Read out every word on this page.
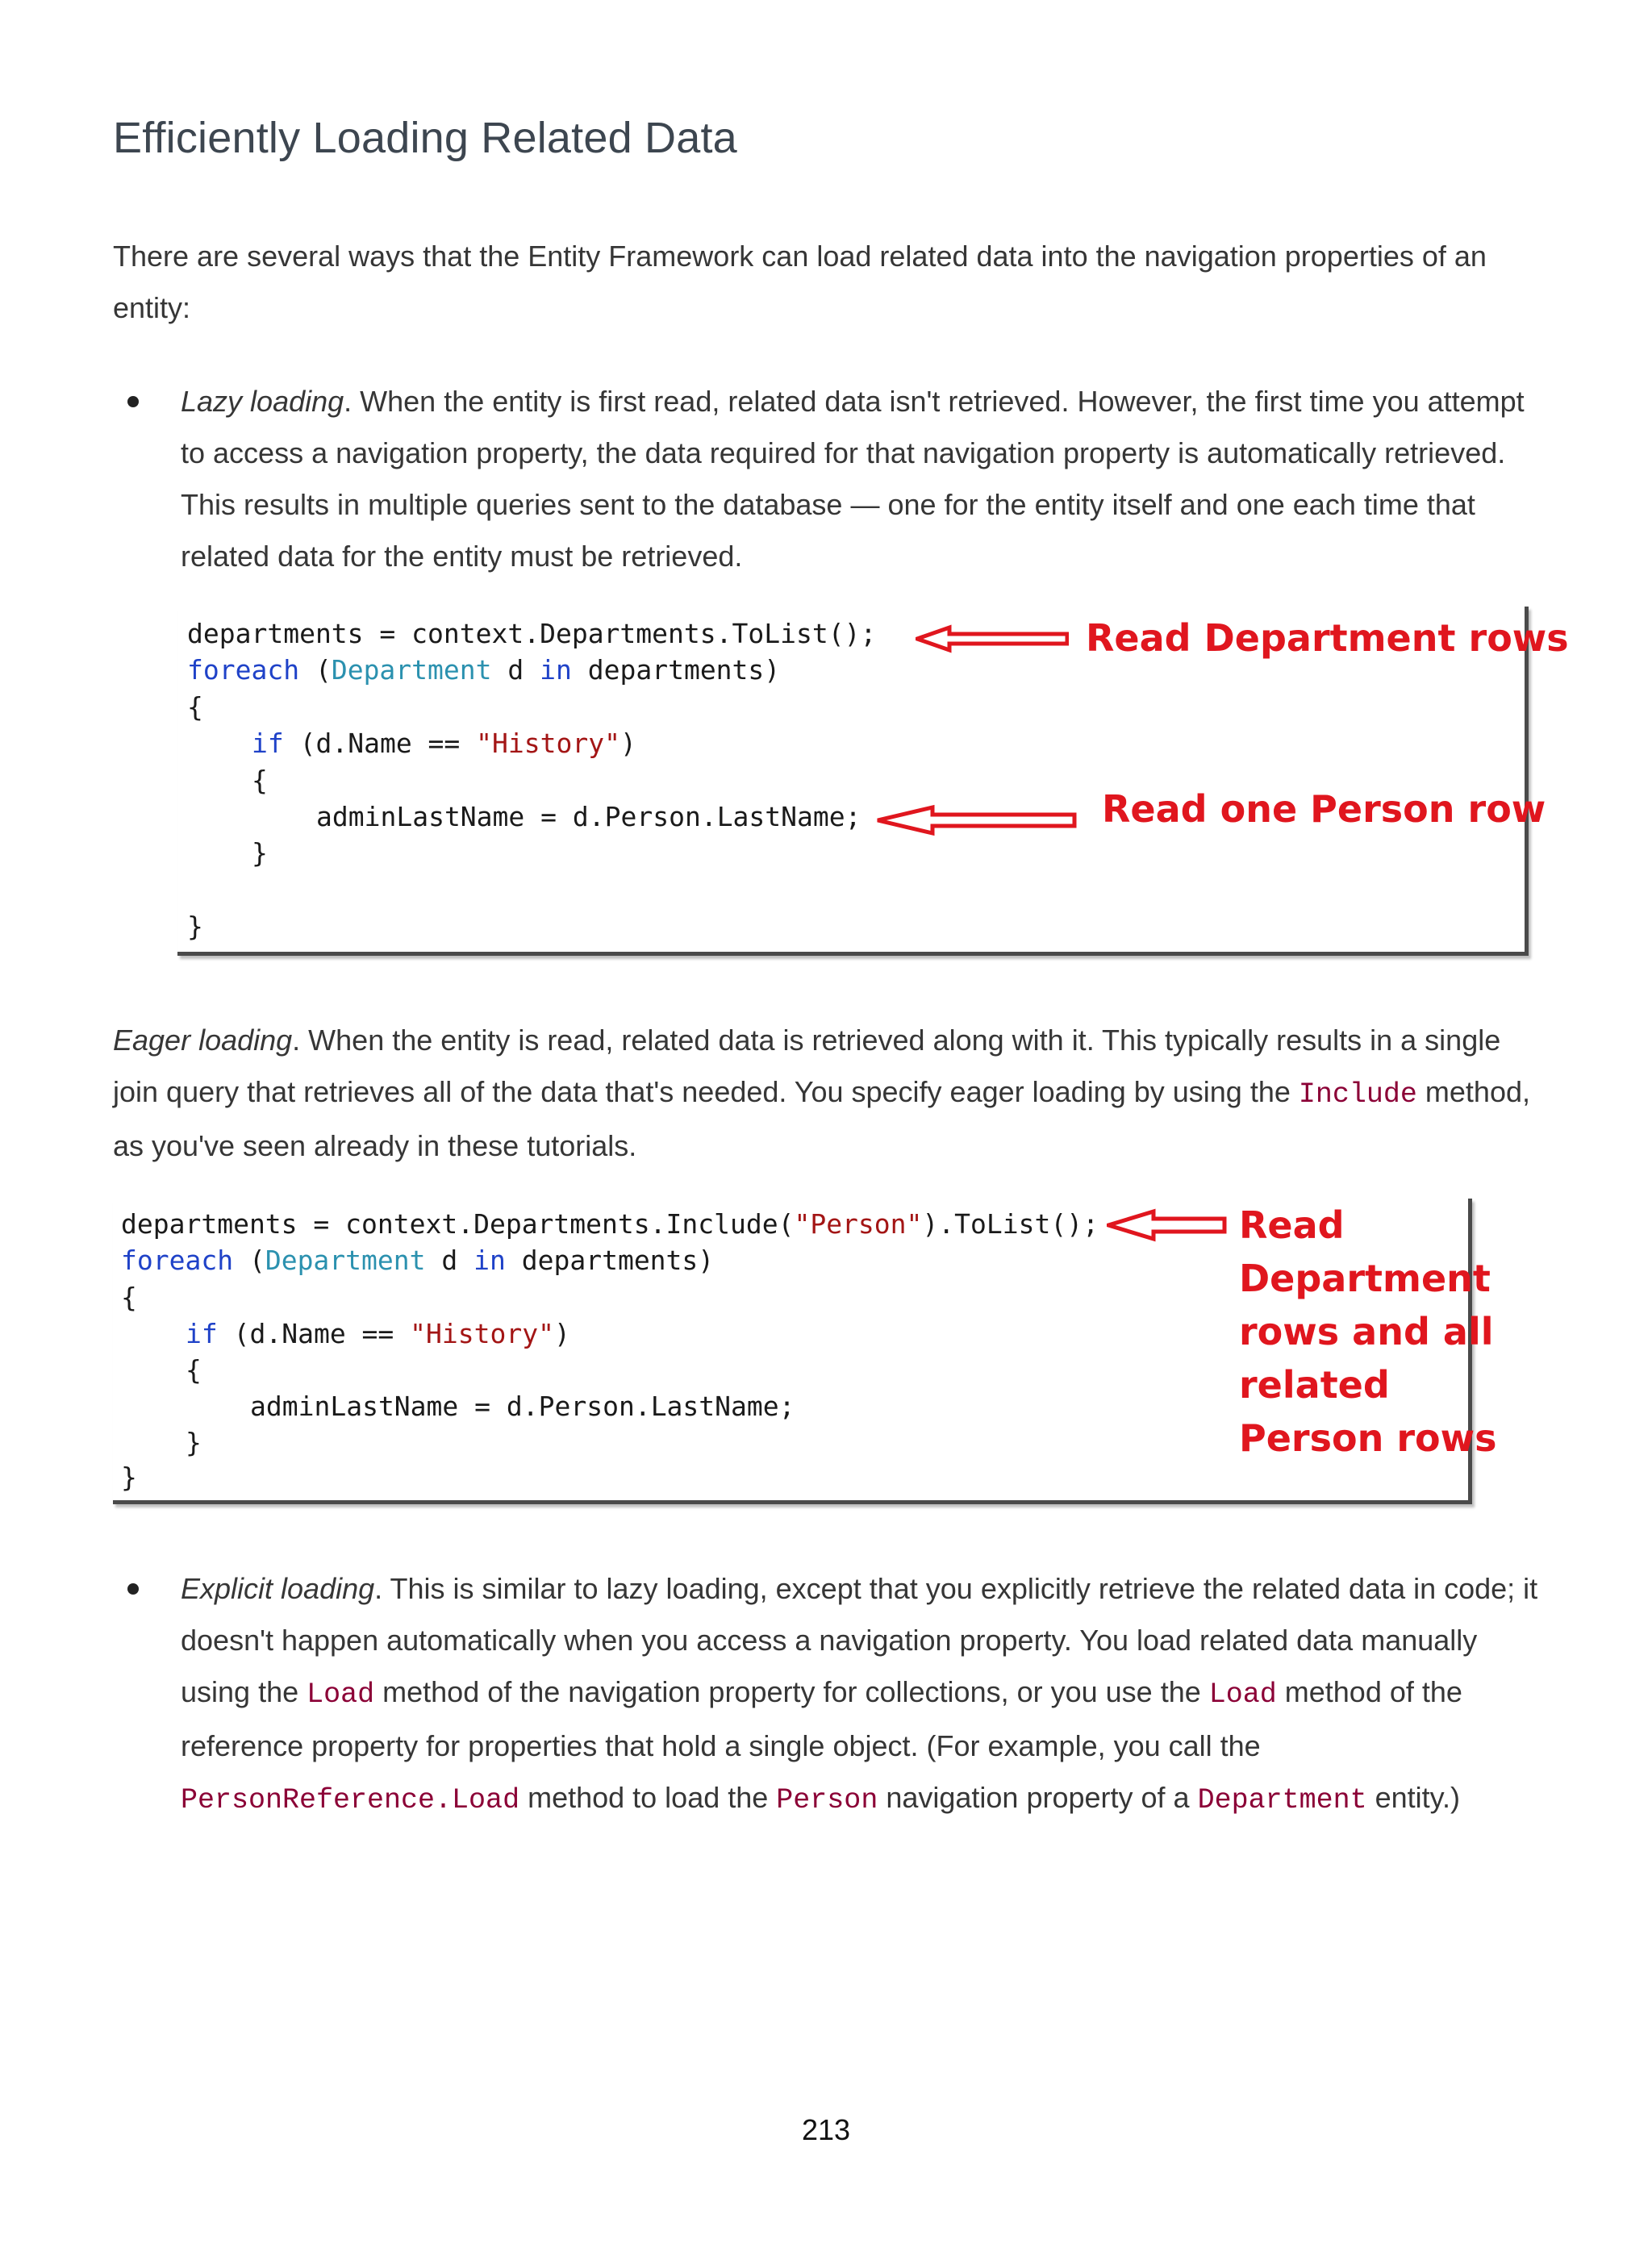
Efficiently Loading Related Data

There are several ways that the Entity Framework can load related data into the navigation properties of an entity:

Lazy loading. When the entity is first read, related data isn't retrieved. However, the first time you attempt to access a navigation property, the data required for that navigation property is automatically retrieved. This results in multiple queries sent to the database — one for the entity itself and one each time that related data for the entity must be retrieved.

departments = context.Departments.ToList();
foreach (Department d in departments)
{
if (d.Name == "History")
{
adminLastName = d.Person.LastName;
}
}

Read Department rows

Read one Person row

Eager loading. When the entity is read, related data is retrieved along with it. This typically results in a single join query that retrieves all of the data that's needed. You specify eager loading by using the Include method, as you've seen already in these tutorials.

departments = context.Departments.Include("Person").ToList();
foreach (Department d in departments)
{
if (d.Name == "History")
{
adminLastName = d.Person.LastName;
}
}

Read

Department

rows and all

related

Person rows

Explicit loading. This is similar to lazy loading, except that you explicitly retrieve the related data in code; it doesn't happen automatically when you access a navigation property. You load related data manually using the Load method of the navigation property for collections, or you use the Load method of the reference property for properties that hold a single object. (For example, you call the PersonReference.Load method to load the Person navigation property of a Department entity.)

213
